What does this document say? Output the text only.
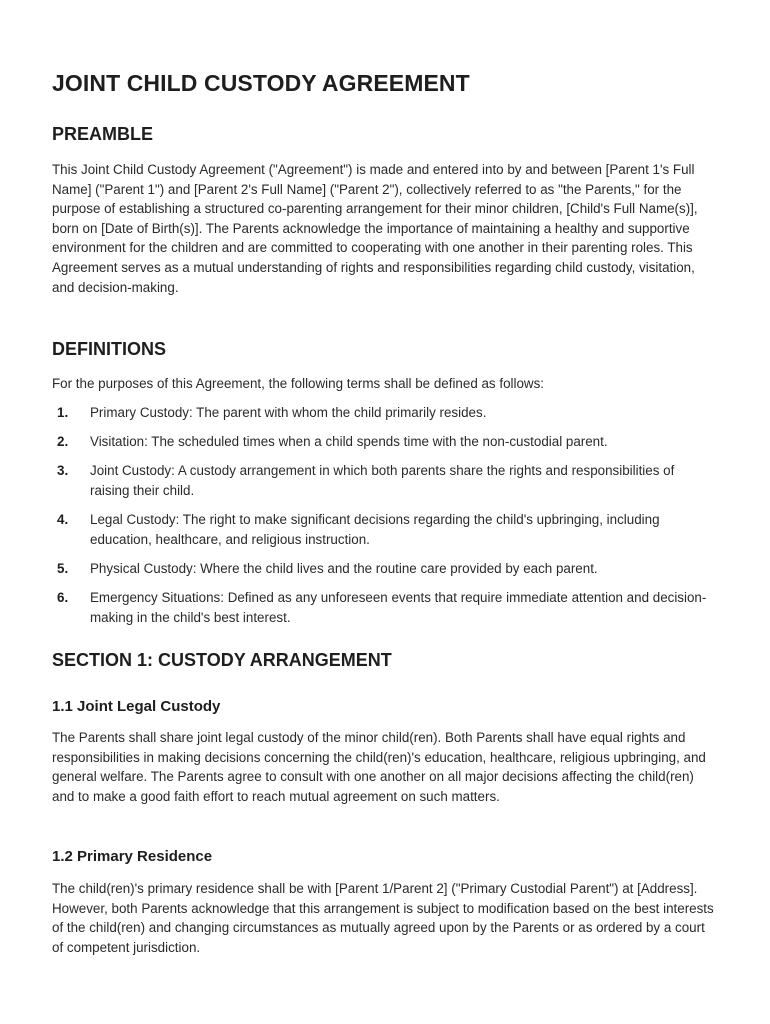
JOINT CHILD CUSTODY AGREEMENT
PREAMBLE

This Joint Child Custody Agreement ("Agreement") is made and entered into by and between [Parent 1's Full Name] ("Parent 1") and [Parent 2's Full Name] ("Parent 2"), collectively referred to as "the Parents," for the purpose of establishing a structured co-parenting arrangement for their minor children, [Child's Full Name(s)], born on [Date of Birth(s)]. The Parents acknowledge the importance of maintaining a healthy and supportive environment for the children and are committed to cooperating with one another in their parenting roles. This Agreement serves as a mutual understanding of rights and responsibilities regarding child custody, visitation, and decision-making.

DEFINITIONS

For the purposes of this Agreement, the following terms shall be defined as follows:

1. Primary Custody: The parent with whom the child primarily resides.
2. Visitation: The scheduled times when a child spends time with the non-custodial parent.
3. Joint Custody: A custody arrangement in which both parents share the rights and responsibilities of raising their child.
4. Legal Custody: The right to make significant decisions regarding the child's upbringing, including education, healthcare, and religious instruction.
5. Physical Custody: Where the child lives and the routine care provided by each parent.
6. Emergency Situations: Defined as any unforeseen events that require immediate attention and decision-making in the child's best interest.
SECTION 1: CUSTODY ARRANGEMENT
1.1 Joint Legal Custody

The Parents shall share joint legal custody of the minor child(ren). Both Parents shall have equal rights and responsibilities in making decisions concerning the child(ren)'s education, healthcare, religious upbringing, and general welfare. The Parents agree to consult with one another on all major decisions affecting the child(ren) and to make a good faith effort to reach mutual agreement on such matters.

1.2 Primary Residence

The child(ren)'s primary residence shall be with [Parent 1/Parent 2] ("Primary Custodial Parent") at [Address]. However, both Parents acknowledge that this arrangement is subject to modification based on the best interests of the child(ren) and changing circumstances as mutually agreed upon by the Parents or as ordered by a court of competent jurisdiction.
